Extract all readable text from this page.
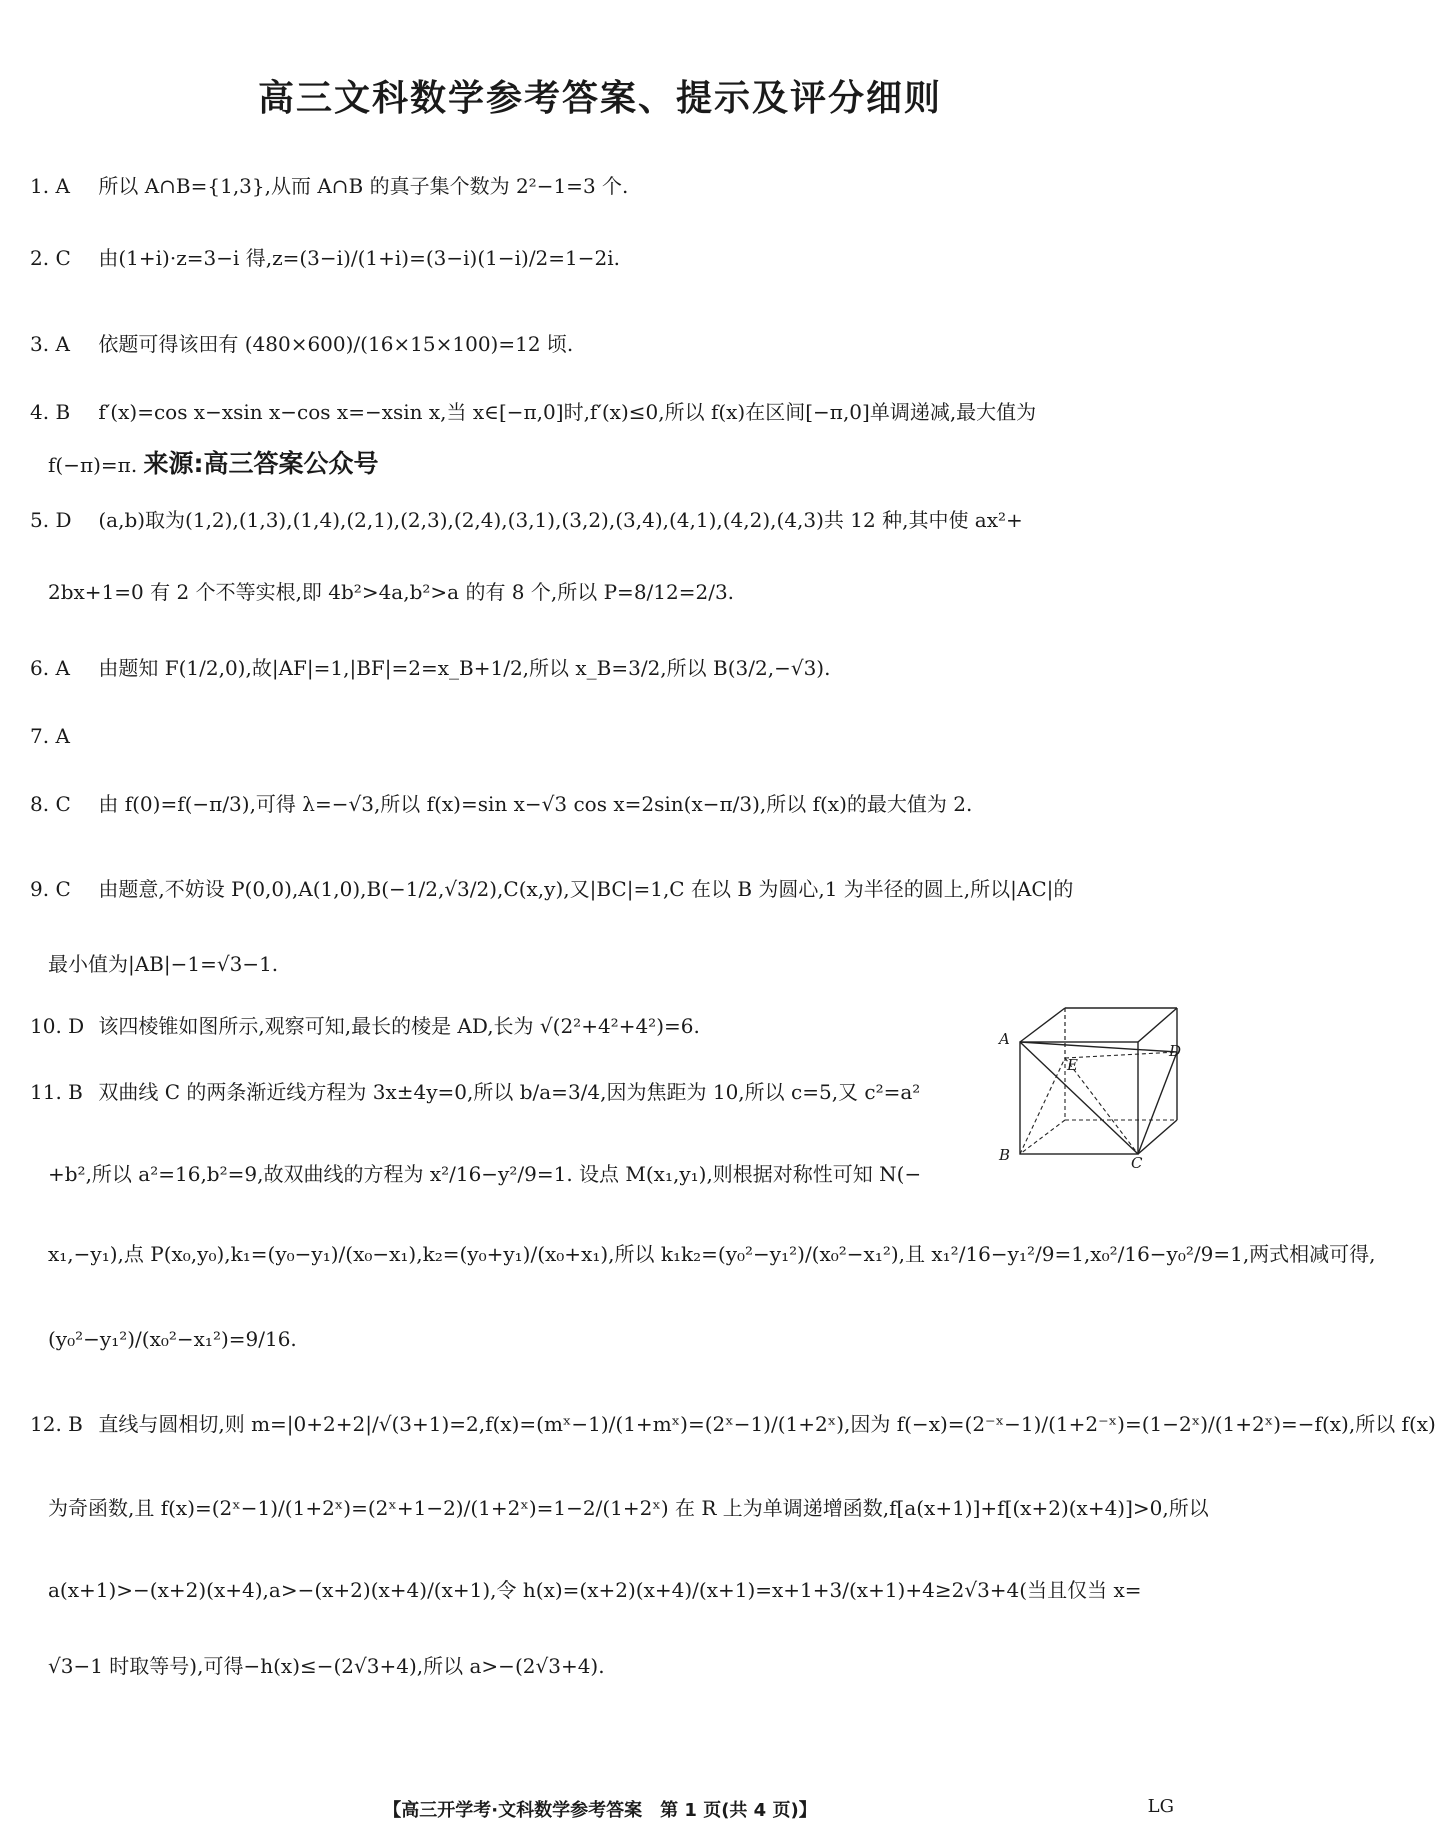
高三文科数学参考答案、提示及评分细则
1. A 所以 A∩B={1,3},从而 A∩B 的真子集个数为 2²−1=3 个.
2. C 由(1+i)·z=3−i 得,z=(3−i)/(1+i)=(3−i)(1−i)/2=1−2i.
3. A 依题可得该田有 (480×600)/(16×15×100)=12 顷.
4. B f′(x)=cos x−xsin x−cos x=−xsin x,当 x∈[−π,0]时,f′(x)≤0,所以 f(x)在区间[−π,0]单调递减,最大值为
f(−π)=π. 来源:高三答案公众号
5. D (a,b)取为(1,2),(1,3),(1,4),(2,1),(2,3),(2,4),(3,1),(3,2),(3,4),(4,1),(4,2),(4,3)共 12 种,其中使 ax²+
2bx+1=0 有 2 个不等实根,即 4b²>4a,b²>a 的有 8 个,所以 P=8/12=2/3.
6. A 由题知 F(1/2,0),故|AF|=1,|BF|=2=x_B+1/2,所以 x_B=3/2,所以 B(3/2,−√3).
7. A
8. C 由 f(0)=f(−π/3),可得 λ=−√3,所以 f(x)=sin x−√3 cos x=2sin(x−π/3),所以 f(x)的最大值为 2.
9. C 由题意,不妨设 P(0,0),A(1,0),B(−1/2,√3/2),C(x,y),又|BC|=1,C 在以 B 为圆心,1 为半径的圆上,所以|AC|的
最小值为|AB|−1=√3−1.
10. D 该四棱锥如图所示,观察可知,最长的棱是 AD,长为 √(2²+4²+4²)=6.
11. B 双曲线 C 的两条渐近线方程为 3x±4y=0,所以 b/a=3/4,因为焦距为 10,所以 c=5,又 c²=a²
+b²,所以 a²=16,b²=9,故双曲线的方程为 x²/16−y²/9=1. 设点 M(x₁,y₁),则根据对称性可知 N(−
x₁,−y₁),点 P(x₀,y₀),k₁=(y₀−y₁)/(x₀−x₁),k₂=(y₀+y₁)/(x₀+x₁),所以 k₁k₂=(y₀²−y₁²)/(x₀²−x₁²),且 x₁²/16−y₁²/9=1,x₀²/16−y₀²/9=1,两式相减可得,
(y₀²−y₁²)/(x₀²−x₁²)=9/16.
12. B 直线与圆相切,则 m=|0+2+2|/√(3+1)=2,f(x)=(mˣ−1)/(1+mˣ)=(2ˣ−1)/(1+2ˣ),因为 f(−x)=(2⁻ˣ−1)/(1+2⁻ˣ)=(1−2ˣ)/(1+2ˣ)=−f(x),所以 f(x)
为奇函数,且 f(x)=(2ˣ−1)/(1+2ˣ)=(2ˣ+1−2)/(1+2ˣ)=1−2/(1+2ˣ) 在 R 上为单调递增函数,f[a(x+1)]+f[(x+2)(x+4)]>0,所以
a(x+1)>−(x+2)(x+4),a>−(x+2)(x+4)/(x+1),令 h(x)=(x+2)(x+4)/(x+1)=x+1+3/(x+1)+4≥2√3+4(当且仅当 x=
√3−1 时取等号),可得−h(x)≤−(2√3+4),所以 a>−(2√3+4).
A
B	C
D
E
【高三开学考·文科数学参考答案　第 1 页(共 4 页)】	LG
